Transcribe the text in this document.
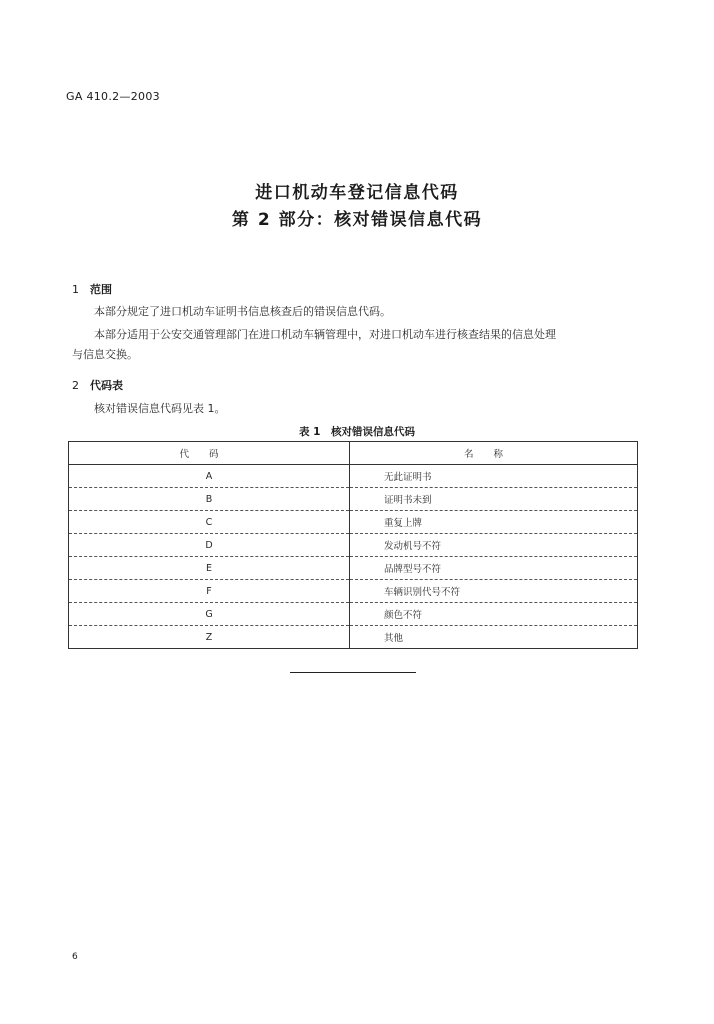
GA 410.2—2003
进口机动车登记信息代码
第 2 部分：核对错误信息代码
1 范围
本部分规定了进口机动车证明书信息核查后的错误信息代码。
本部分适用于公安交通管理部门在进口机动车辆管理中，对进口机动车进行核查结果的信息处理
与信息交换。
2 代码表
核对错误信息代码见表 1。
表 1　核对错误信息代码
代码	名称
A	无此证明书
B	证明书未到
C	重复上牌
D	发动机号不符
E	品牌型号不符
F	车辆识别代号不符
G	颜色不符
Z	其他
6
